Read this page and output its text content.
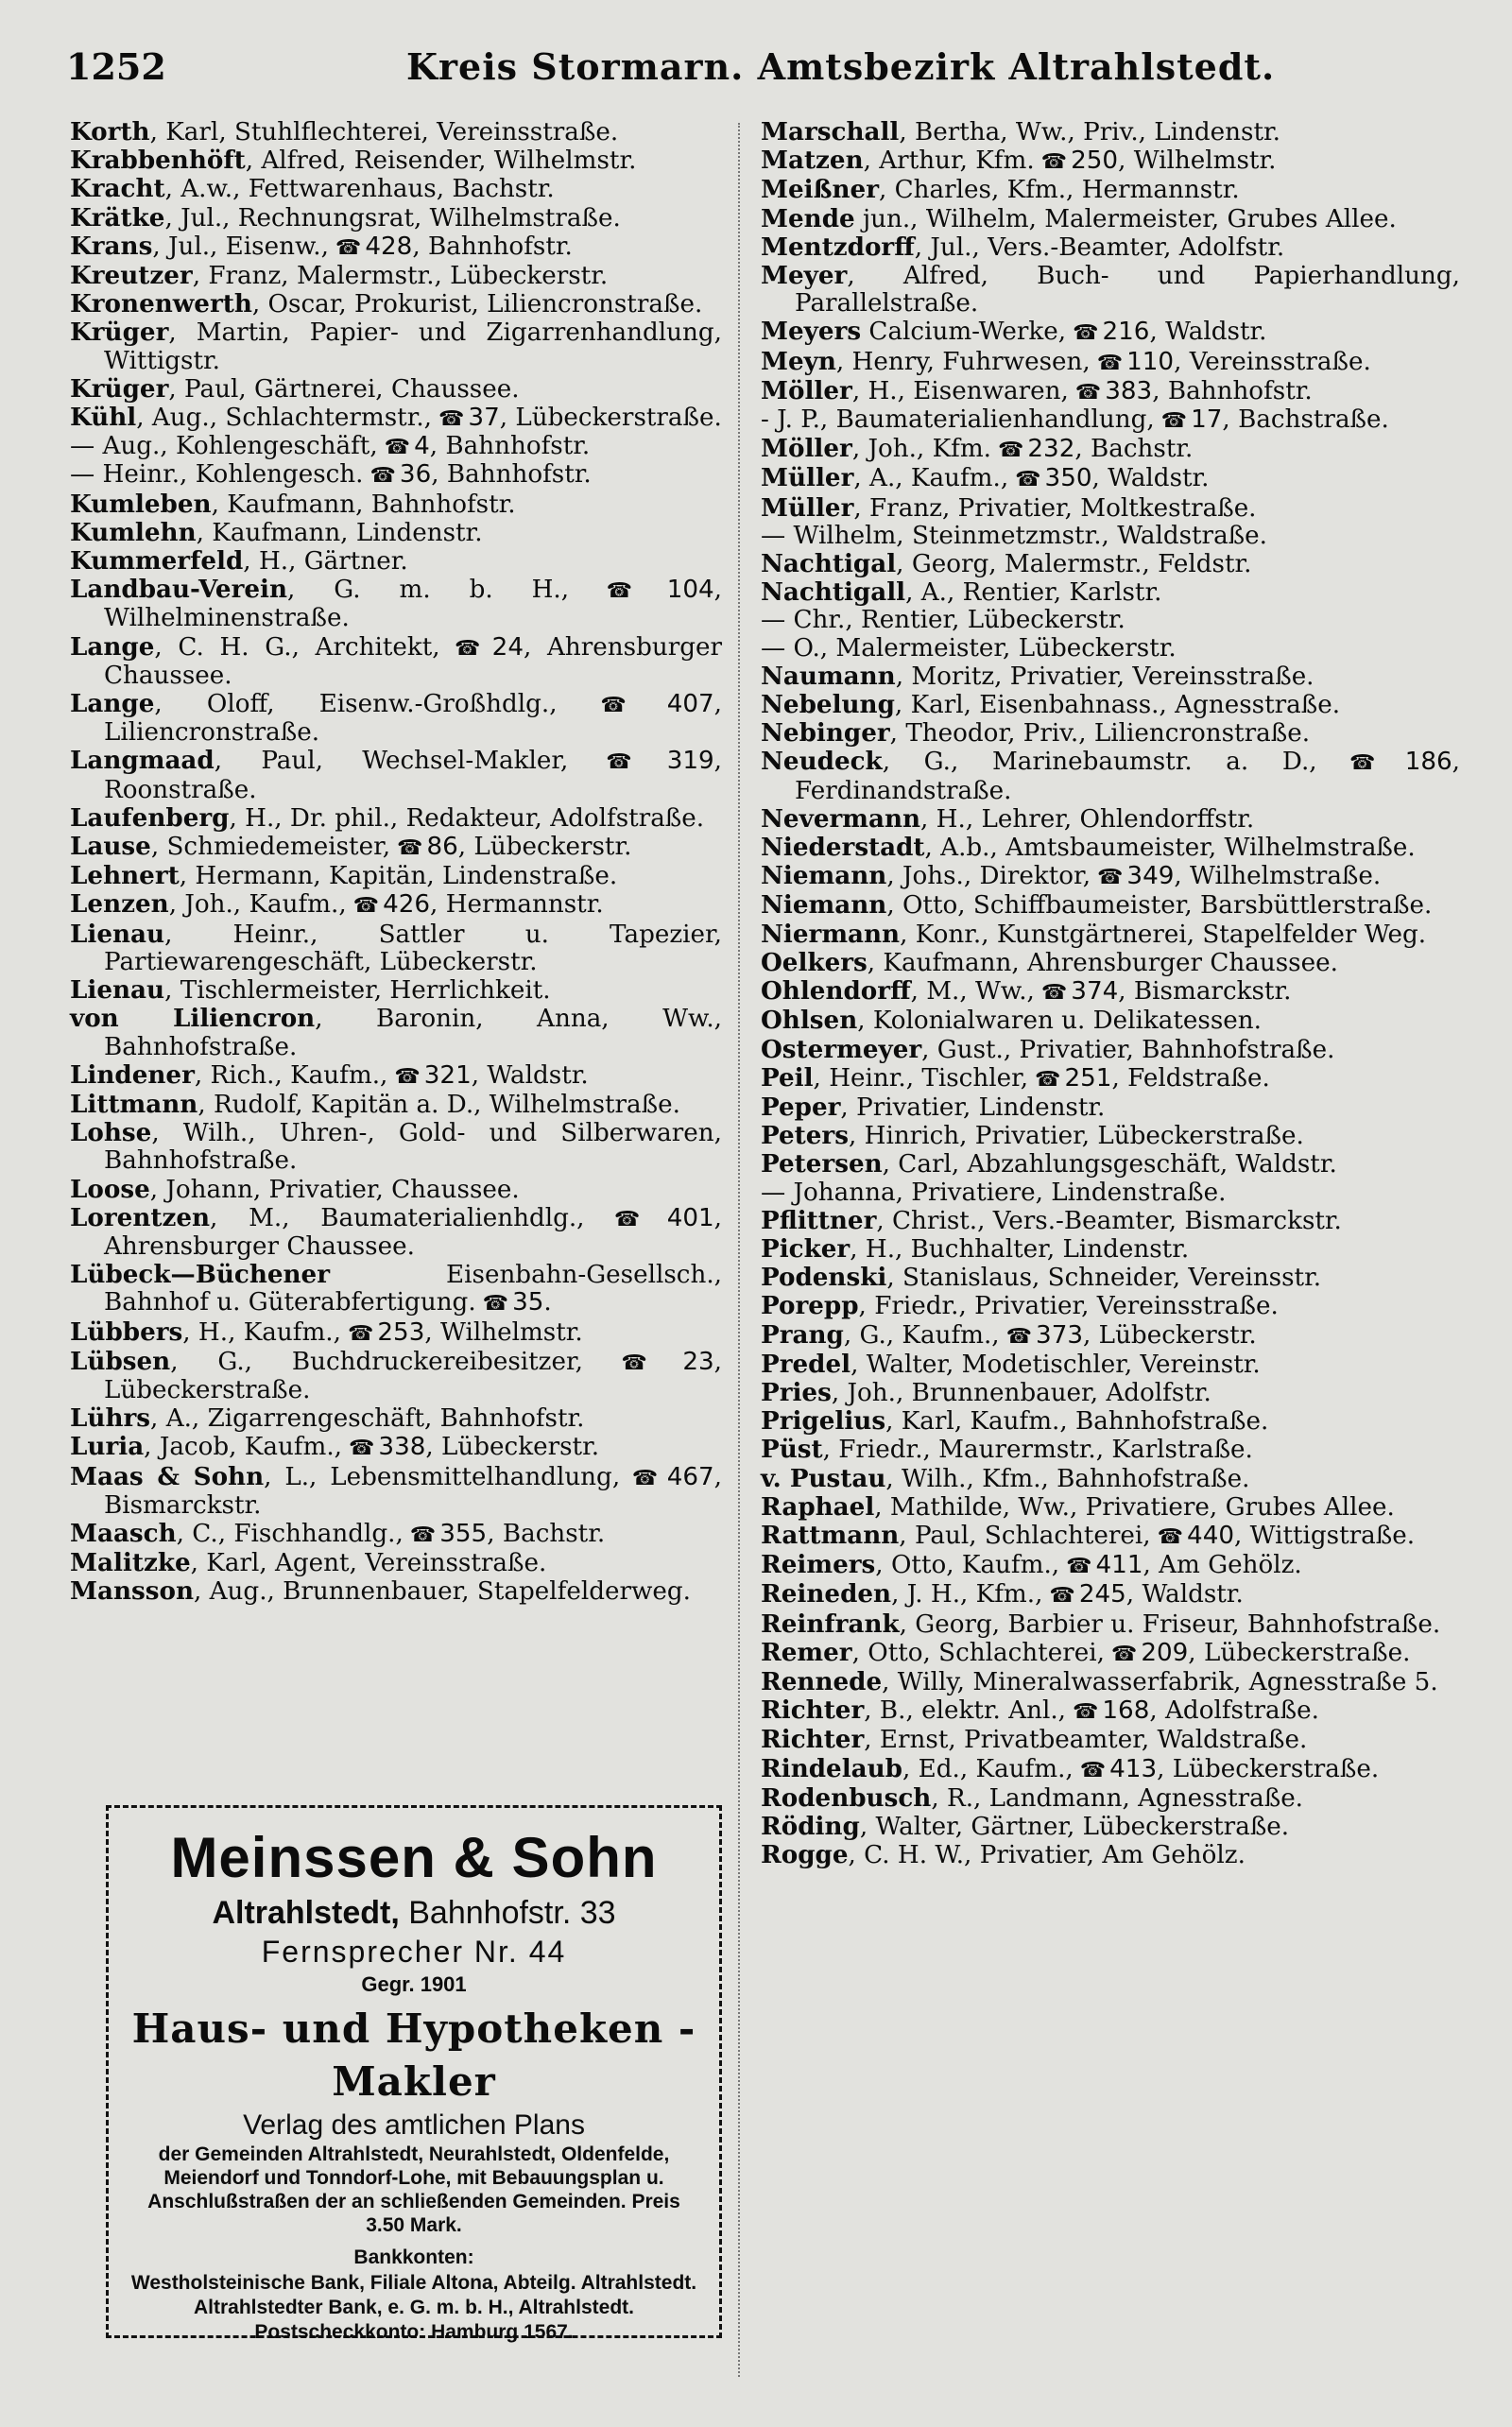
1252	Kreis Stormarn. Amtsbezirk Altrahlstedt.
Korth, Karl, Stuhlflechterei, Vereinsstraße.
Krabbenhöft, Alfred, Reisender, Wilhelmstr.
Kracht, A.w., Fettwarenhaus, Bachstr.
Krätke, Jul., Rechnungsrat, Wilhelmstraße.
Krans, Jul., Eisenw., ☎ 428, Bahnhofstr.
Kreutzer, Franz, Malermstr., Lübeckerstr.
Kronenwerth, Oscar, Prokurist, Liliencronstraße.
Krüger, Martin, Papier- und Zigarrenhandlung, Wittigstr.
Krüger, Paul, Gärtnerei, Chaussee.
Kühl, Aug., Schlachtermstr., ☎ 37, Lübeckerstraße.
— Aug., Kohlengeschäft, ☎ 4, Bahnhofstr.
— Heinr., Kohlengesch. ☎ 36, Bahnhofstr.
Kumleben, Kaufmann, Bahnhofstr.
Kumlehn, Kaufmann, Lindenstr.
Kummerfeld, H., Gärtner.
Landbau-Verein, G. m. b. H., ☎ 104, Wilhelminenstraße.
Lange, C. H. G., Architekt, ☎ 24, Ahrensburger Chaussee.
Lange, Oloff, Eisenw.-Großhdlg., ☎ 407, Liliencronstraße.
Langmaad, Paul, Wechsel-Makler, ☎ 319, Roonstraße.
Laufenberg, H., Dr. phil., Redakteur, Adolfstraße.
Lause, Schmiedemeister, ☎ 86, Lübeckerstr.
Lehnert, Hermann, Kapitän, Lindenstraße.
Lenzen, Joh., Kaufm., ☎ 426, Hermannstr.
Lienau, Heinr., Sattler u. Tapezier, Partiewarengeschäft, Lübeckerstr.
Lienau, Tischlermeister, Herrlichkeit.
von Liliencron, Baronin, Anna, Ww., Bahnhofstraße.
Lindener, Rich., Kaufm., ☎ 321, Waldstr.
Littmann, Rudolf, Kapitän a. D., Wilhelmstraße.
Lohse, Wilh., Uhren-, Gold- und Silberwaren, Bahnhofstraße.
Loose, Johann, Privatier, Chaussee.
Lorentzen, M., Baumaterialienhdlg., ☎ 401, Ahrensburger Chaussee.
Lübeck—Büchener Eisenbahn-Gesellsch., Bahnhof u. Güterabfertigung. ☎ 35.
Lübbers, H., Kaufm., ☎ 253, Wilhelmstr.
Lübsen, G., Buchdruckereibesitzer, ☎ 23, Lübeckerstraße.
Lührs, A., Zigarrengeschäft, Bahnhofstr.
Luria, Jacob, Kaufm., ☎ 338, Lübeckerstr.
Maas & Sohn, L., Lebensmittelhandlung, ☎ 467, Bismarckstr.
Maasch, C., Fischhandlg., ☎ 355, Bachstr.
Malitzke, Karl, Agent, Vereinsstraße.
Mansson, Aug., Brunnenbauer, Stapelfelderweg.
Marschall, Bertha, Ww., Priv., Lindenstr.
Matzen, Arthur, Kfm. ☎ 250, Wilhelmstr.
Meißner, Charles, Kfm., Hermannstr.
Mende jun., Wilhelm, Malermeister, Grubes Allee.
Mentzdorff, Jul., Vers.-Beamter, Adolfstr.
Meyer, Alfred, Buch- und Papierhandlung, Parallelstraße.
Meyers Calcium-Werke, ☎ 216, Waldstr.
Meyn, Henry, Fuhrwesen, ☎ 110, Vereinsstraße.
Möller, H., Eisenwaren, ☎ 383, Bahnhofstr.
- J. P., Baumaterialienhandlung, ☎ 17, Bachstraße.
Möller, Joh., Kfm. ☎ 232, Bachstr.
Müller, A., Kaufm., ☎ 350, Waldstr.
Müller, Franz, Privatier, Moltkestraße.
— Wilhelm, Steinmetzmstr., Waldstraße.
Nachtigal, Georg, Malermstr., Feldstr.
Nachtigall, A., Rentier, Karlstr.
— Chr., Rentier, Lübeckerstr.
— O., Malermeister, Lübeckerstr.
Naumann, Moritz, Privatier, Vereinsstraße.
Nebelung, Karl, Eisenbahnass., Agnesstraße.
Nebinger, Theodor, Priv., Liliencronstraße.
Neudeck, G., Marinebaumstr. a. D., ☎ 186, Ferdinandstraße.
Nevermann, H., Lehrer, Ohlendorffstr.
Niederstadt, A.b., Amtsbaumeister, Wilhelmstraße.
Niemann, Johs., Direktor, ☎ 349, Wilhelmstraße.
Niemann, Otto, Schiffbaumeister, Barsbüttlerstraße.
Niermann, Konr., Kunstgärtnerei, Stapelfelder Weg.
Oelkers, Kaufmann, Ahrensburger Chaussee.
Ohlendorff, M., Ww., ☎ 374, Bismarckstr.
Ohlsen, Kolonialwaren u. Delikatessen.
Ostermeyer, Gust., Privatier, Bahnhofstraße.
Peil, Heinr., Tischler, ☎ 251, Feldstraße.
Peper, Privatier, Lindenstr.
Peters, Hinrich, Privatier, Lübeckerstraße.
Petersen, Carl, Abzahlungsgeschäft, Waldstr.
— Johanna, Privatiere, Lindenstraße.
Pflittner, Christ., Vers.-Beamter, Bismarckstr.
Picker, H., Buchhalter, Lindenstr.
Podenski, Stanislaus, Schneider, Vereinsstr.
Porepp, Friedr., Privatier, Vereinsstraße.
Prang, G., Kaufm., ☎ 373, Lübeckerstr.
Predel, Walter, Modetischler, Vereinstr.
Pries, Joh., Brunnenbauer, Adolfstr.
Prigelius, Karl, Kaufm., Bahnhofstraße.
Püst, Friedr., Maurermstr., Karlstraße.
v. Pustau, Wilh., Kfm., Bahnhofstraße.
Raphael, Mathilde, Ww., Privatiere, Grubes Allee.
Rattmann, Paul, Schlachterei, ☎ 440, Wittigstraße.
Reimers, Otto, Kaufm., ☎ 411, Am Gehölz.
Reineden, J. H., Kfm., ☎ 245, Waldstr.
Reinfrank, Georg, Barbier u. Friseur, Bahnhofstraße.
Remer, Otto, Schlachterei, ☎ 209, Lübeckerstraße.
Rennede, Willy, Mineralwasserfabrik, Agnesstraße 5.
Richter, B., elektr. Anl., ☎ 168, Adolfstraße.
Richter, Ernst, Privatbeamter, Waldstraße.
Rindelaub, Ed., Kaufm., ☎ 413, Lübeckerstraße.
Rodenbusch, R., Landmann, Agnesstraße.
Röding, Walter, Gärtner, Lübeckerstraße.
Rogge, C. H. W., Privatier, Am Gehölz.
Meinssen & Sohn
Altrahlstedt, Bahnhofstr. 33
Fernsprecher Nr. 44
Gegr. 1901
Haus- und Hypotheken - Makler
Verlag des amtlichen Plans
der Gemeinden Altrahlstedt, Neurahlstedt, Oldenfelde, Meiendorf und Tonndorf-Lohe, mit Bebauungsplan u. Anschlußstraßen der an schließenden Gemeinden. Preis 3.50 Mark.
Bankkonten:
Westholsteinische Bank, Filiale Altona, Abteilg. Altrahlstedt.
Altrahlstedter Bank, e. G. m. b. H., Altrahlstedt.
Postscheckkonto: Hamburg 1567.
